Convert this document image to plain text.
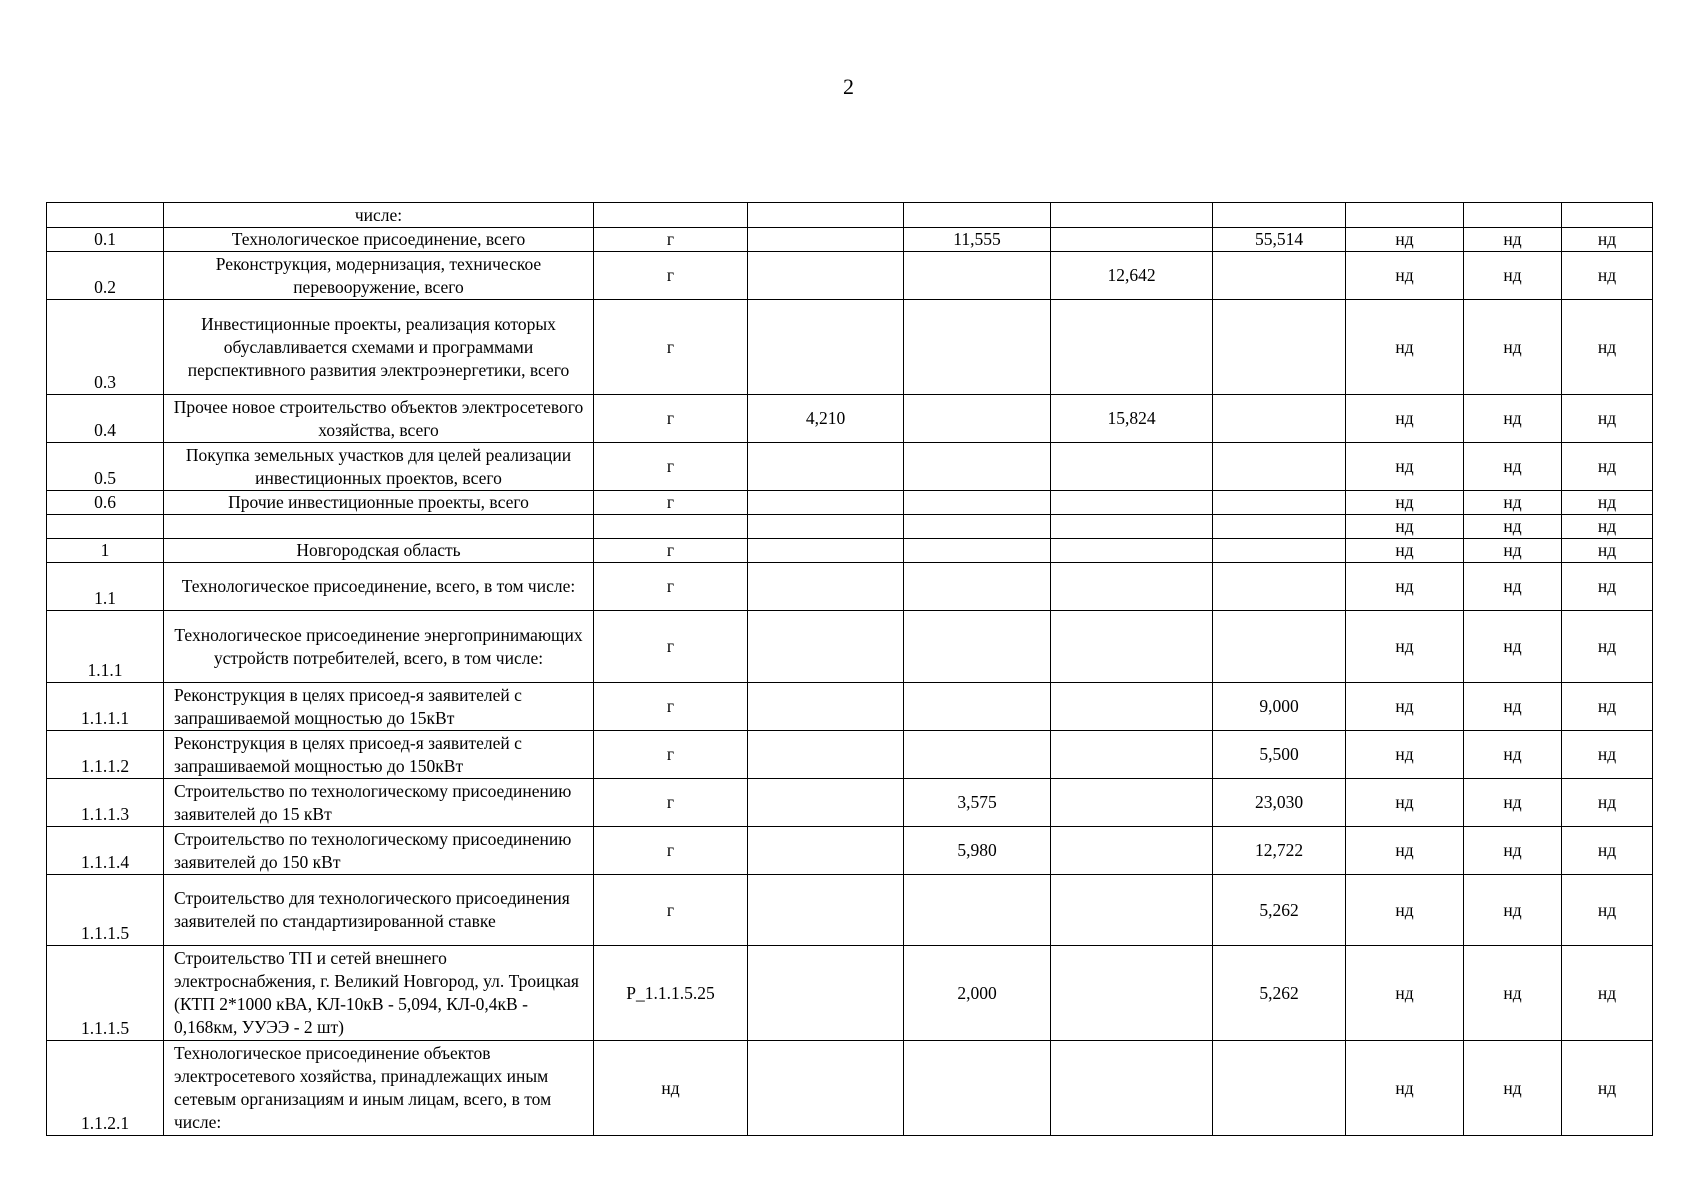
2
	числе:								
0.1	Технологическое присоединение, всего	г		11,555		55,514	нд	нд	нд
0.2	Реконструкция, модернизация, техническое перевооружение, всего	г			12,642		нд	нд	нд
0.3	Инвестиционные проекты, реализация которых обуславливается схемами и программами перспективного развития электроэнергетики, всего	г					нд	нд	нд
0.4	Прочее новое строительство объектов электросетевого хозяйства, всего	г	4,210		15,824		нд	нд	нд
0.5	Покупка земельных участков для целей реализации инвестиционных проектов, всего	г					нд	нд	нд
0.6	Прочие инвестиционные проекты, всего	г					нд	нд	нд
							нд	нд	нд
1	Новгородская область	г					нд	нд	нд
1.1	Технологическое присоединение, всего, в том числе:	г					нд	нд	нд
1.1.1	Технологическое присоединение энергопринимающих устройств потребителей, всего, в том числе:	г					нд	нд	нд
1.1.1.1	Реконструкция в целях присоед-я заявителей с запрашиваемой мощностью до 15кВт	г				9,000	нд	нд	нд
1.1.1.2	Реконструкция в целях присоед-я заявителей с запрашиваемой мощностью до 150кВт	г				5,500	нд	нд	нд
1.1.1.3	Строительство по технологическому присоединению заявителей до 15 кВт	г		3,575		23,030	нд	нд	нд
1.1.1.4	Строительство по технологическому присоединению заявителей до 150 кВт	г		5,980		12,722	нд	нд	нд
1.1.1.5	Строительство для технологического присоединения заявителей по стандартизированной ставке	г				5,262	нд	нд	нд
1.1.1.5	Строительство ТП и сетей внешнего электроснабжения, г. Великий Новгород, ул. Троицкая (КТП 2*1000 кВА, КЛ-10кВ - 5,094, КЛ-0,4кВ - 0,168км, УУЭЭ - 2 шт)	P_1.1.1.5.25		2,000		5,262	нд	нд	нд
1.1.2.1	Технологическое присоединение объектов электросетевого хозяйства, принадлежащих иным сетевым организациям и иным лицам, всего, в том числе:	нд					нд	нд	нд
